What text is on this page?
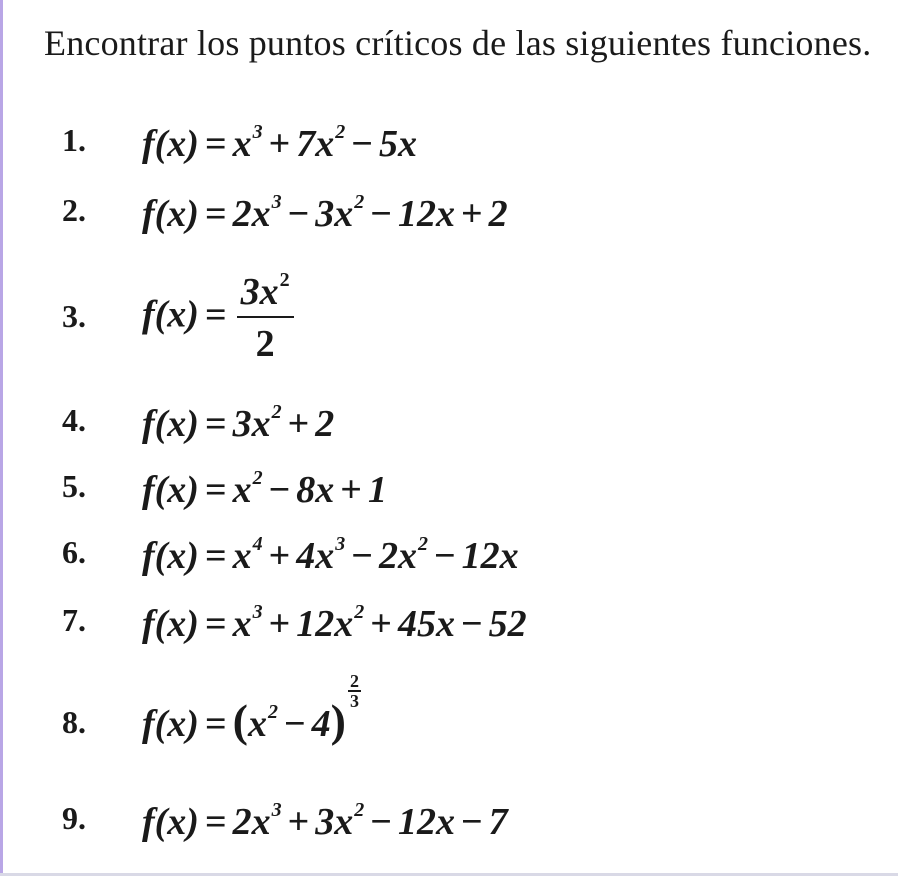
Encontrar los puntos críticos de las siguientes funciones.
1. $f(x) = x^3 + 7x^2 - 5x$
2. $f(x) = 2x^3 - 3x^2 - 12x + 2$
3. $f(x) = \frac{3x^2}{2}$
4. $f(x) = 3x^2 + 2$
5. $f(x) = x^2 - 8x + 1$
6. $f(x) = x^4 + 4x^3 - 2x^2 - 12x$
7. $f(x) = x^3 + 12x^2 + 45x - 52$
8. $f(x) = (x^2 - 4)$
$\frac{2}{3}$
9. $f(x) = 2x^3 + 3x^2 - 12x - 7$
